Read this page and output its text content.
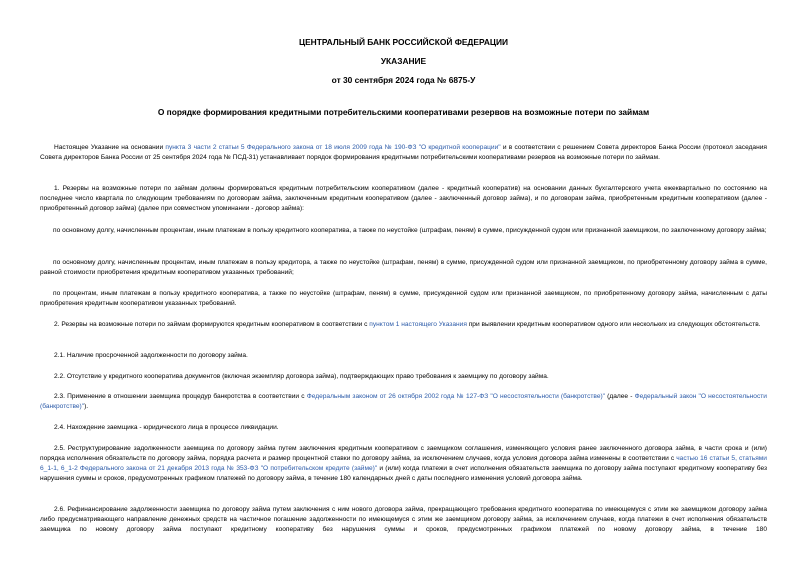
ЦЕНТРАЛЬНЫЙ БАНК РОССИЙСКОЙ ФЕДЕРАЦИИ
УКАЗАНИЕ
от 30 сентября 2024 года № 6875-У
О порядке формирования кредитными потребительскими кооперативами резервов на возможные потери по займам
Настоящее Указание на основании пункта 3 части 2 статьи 5 Федерального закона от 18 июля 2009 года № 190-ФЗ "О кредитной кооперации" и в соответствии с решением Совета директоров Банка России (протокол заседания Совета директоров Банка России от 25 сентября 2024 года № ПСД-31) устанавливает порядок формирования кредитными потребительскими кооперативами резервов на возможные потери по займам.
1. Резервы на возможные потери по займам должны формироваться кредитным потребительским кооперативом (далее - кредитный кооператив) на основании данных бухгалтерского учета ежеквартально по состоянию на последнее число квартала по следующим требованиям по договорам займа, заключенным кредитным кооперативом (далее - заключенный договор займа), и по договорам займа, приобретенным кредитным кооперативом (далее - приобретенный договор займа) (далее при совместном упоминании - договор займа):
по основному долгу, начисленным процентам, иным платежам в пользу кредитного кооператива, а также по неустойке (штрафам, пеням) в сумме, присужденной судом или признанной заемщиком, по заключенному договору займа;
по основному долгу, начисленным процентам, иным платежам в пользу кредитора, а также по неустойке (штрафам, пеням) в сумме, присужденной судом или признанной заемщиком, по приобретенному договору займа в сумме, равной стоимости приобретения кредитным кооперативом указанных требований;
по процентам, иным платежам в пользу кредитного кооператива, а также по неустойке (штрафам, пеням) в сумме, присужденной судом или признанной заемщиком, по приобретенному договору займа, начисленным с даты приобретения кредитным кооперативом указанных требований.
2. Резервы на возможные потери по займам формируются кредитным кооперативом в соответствии с пунктом 1 настоящего Указания при выявлении кредитным кооперативом одного или нескольких из следующих обстоятельств.
2.1. Наличие просроченной задолженности по договору займа.
2.2. Отсутствие у кредитного кооператива документов (включая экземпляр договора займа), подтверждающих право требования к заемщику по договору займа.
2.3. Применение в отношении заемщика процедур банкротства в соответствии с Федеральным законом от 26 октября 2002 года № 127-ФЗ "О несостоятельности (банкротстве)" (далее - Федеральный закон "О несостоятельности (банкротстве)").
2.4. Нахождение заемщика - юридического лица в процессе ликвидации.
2.5. Реструктурирование задолженности заемщика по договору займа путем заключения кредитным кооперативом с заемщиком соглашения, изменяющего условия ранее заключенного договора займа, в части срока и (или) порядка исполнения обязательств по договору займа, порядка расчета и размер процентной ставки по договору займа, за исключением случаев, когда условия договора займа изменены в соответствии с частью 16 статьи 5, статьями 6_1-1, 6_1-2 Федерального закона от 21 декабря 2013 года № 353-ФЗ "О потребительском кредите (займе)" и (или) когда платежи в счет исполнения обязательств заемщика по договору займа поступают кредитному кооперативу без нарушения суммы и сроков, предусмотренных графиком платежей по договору займа, в течение 180 календарных дней с даты последнего изменения условий договора займа.
2.6. Рефинансирование задолженности заемщика по договору займа путем заключения с ним нового договора займа, прекращающего требования кредитного кооператива по имеющемуся с этим же заемщиком договору займа либо предусматривающего направление денежных средств на частичное погашение задолженности по имеющемуся с этим же заемщиком договору займа, за исключением случаев, когда платежи в счет исполнения обязательств заемщика по новому договору займа поступают кредитному кооперативу без нарушения суммы и сроков, предусмотренных графиком платежей по новому договору займа, в течение 180
